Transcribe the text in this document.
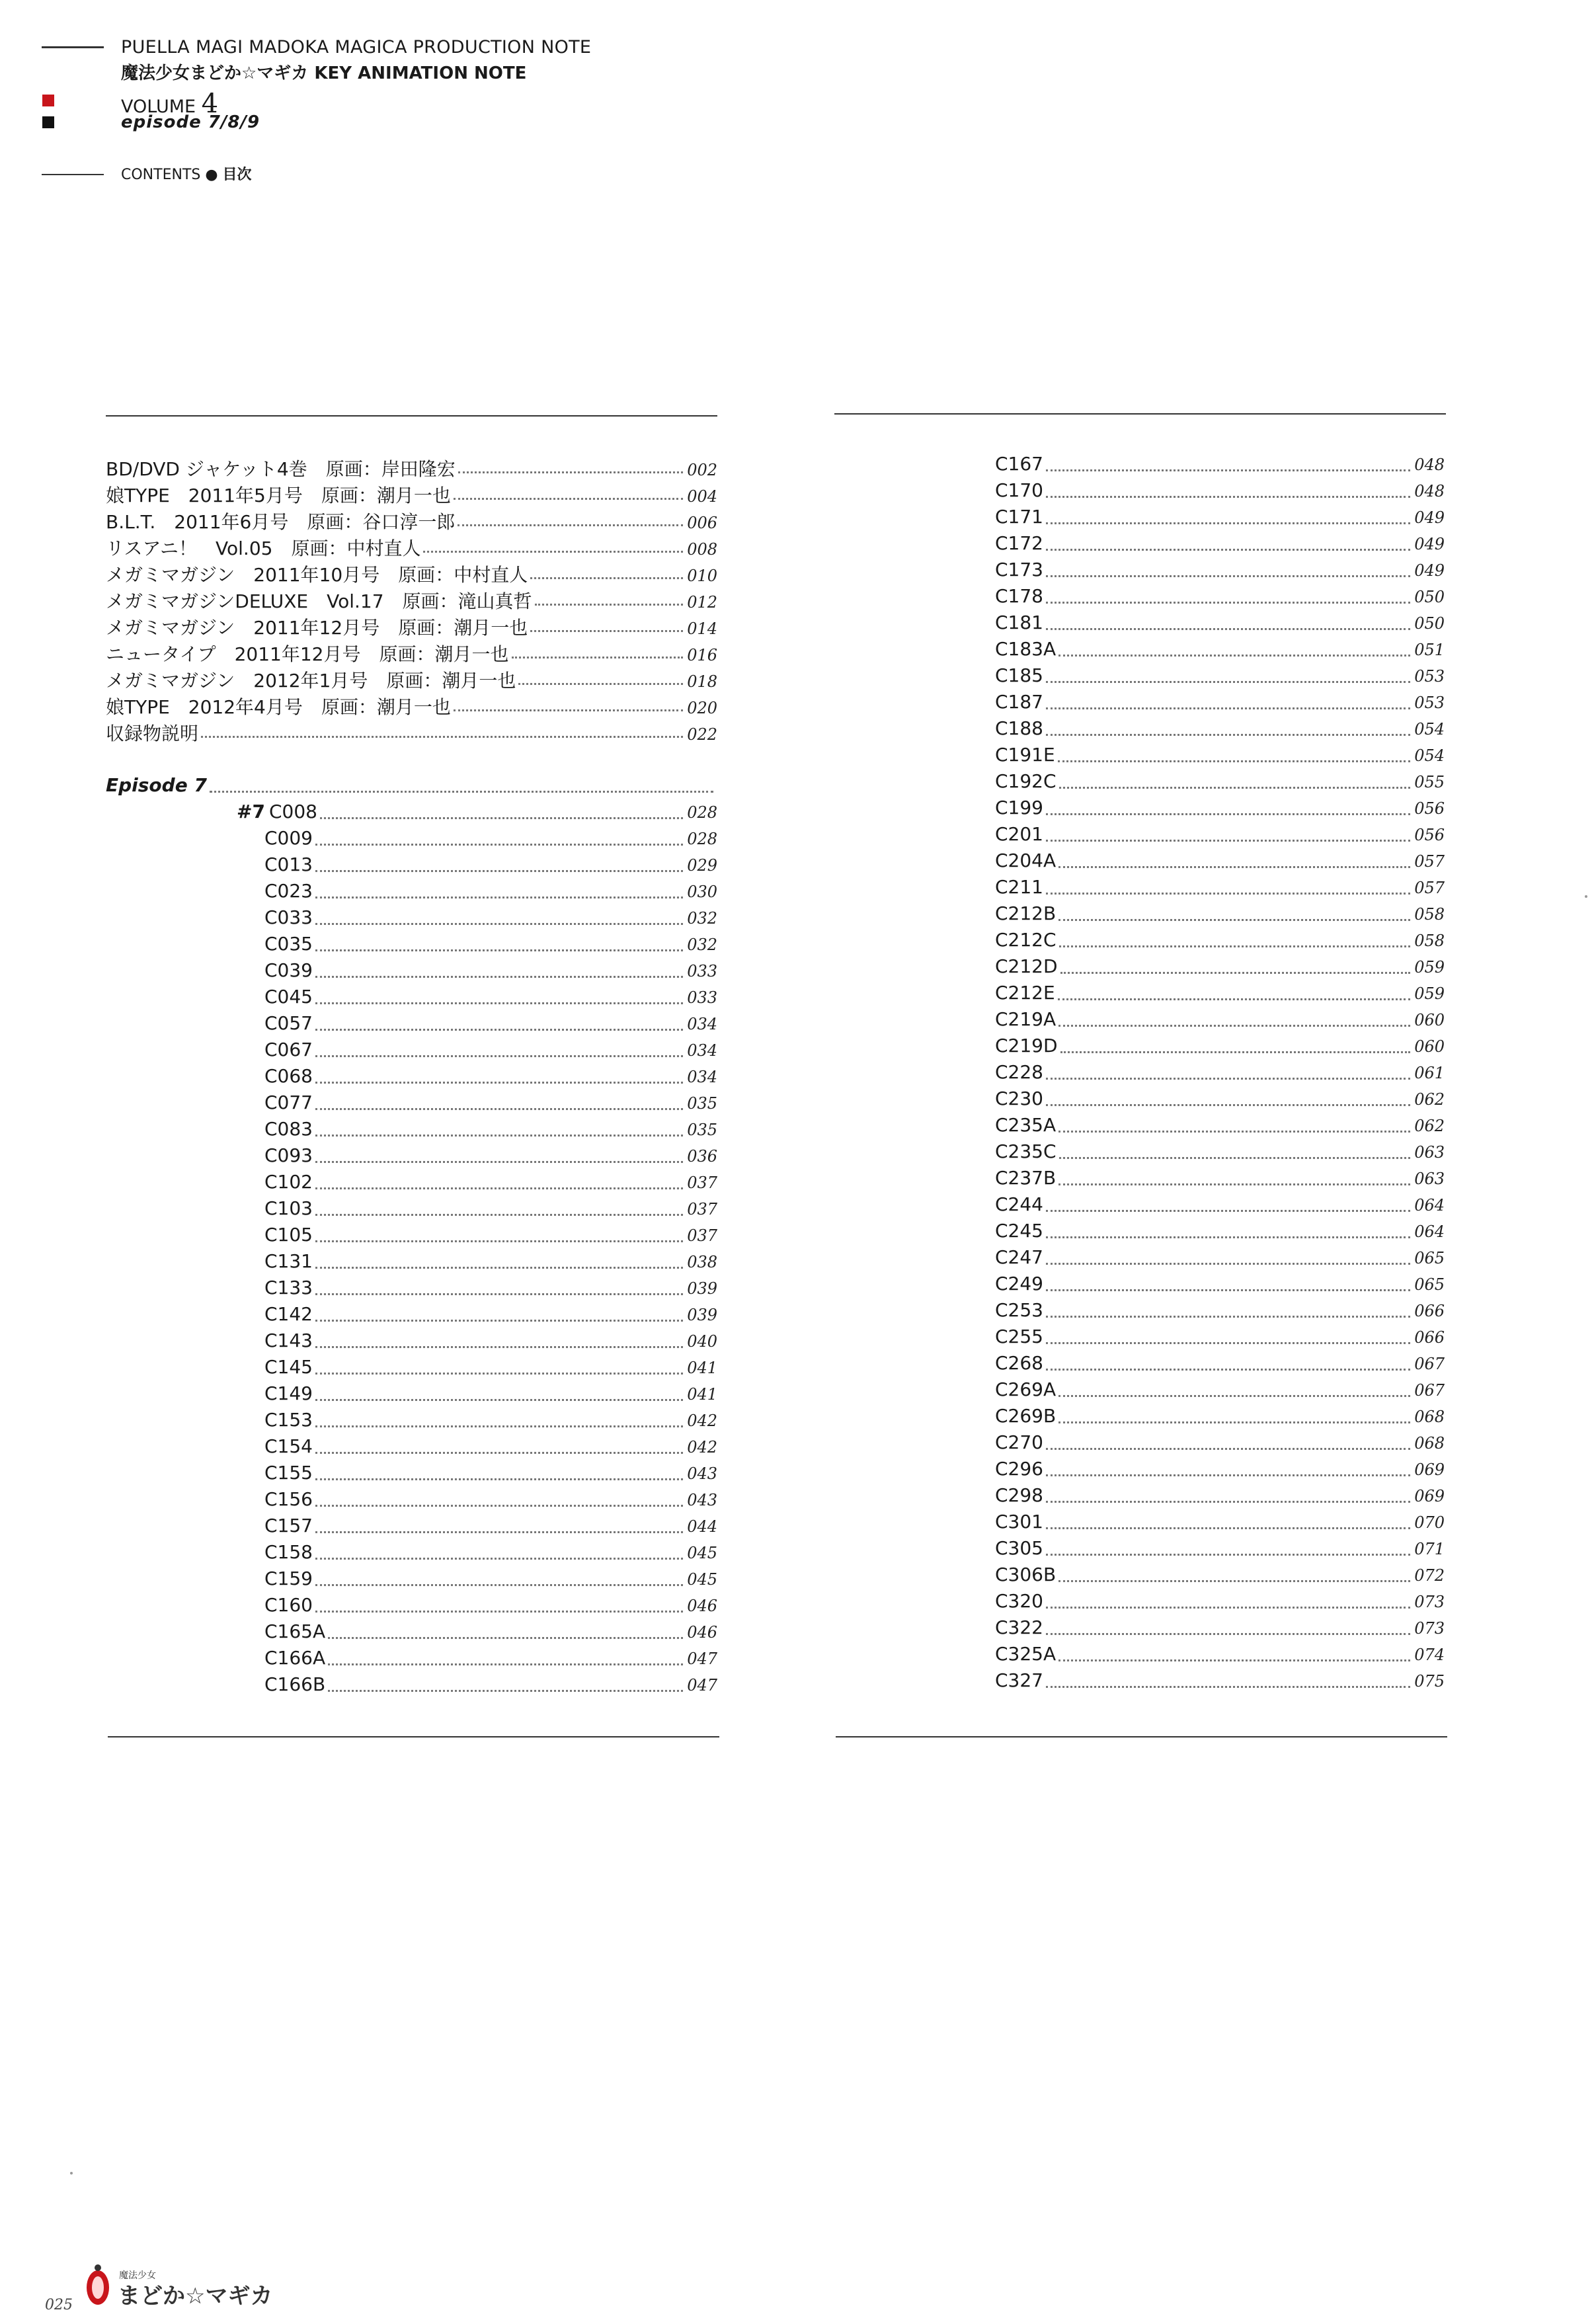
PUELLA MAGI MADOKA MAGICA PRODUCTION NOTE
魔法少女まどか☆マギカ KEY ANIMATION NOTE
VOLUME 4
episode 7/8/9
CONTENTS ● 目次
BD/DVD ジャケット4巻　原画：岸田隆宏	002
娘TYPE　2011年5月号　原画：潮月一也	004
B.L.T.　2011年6月号　原画：谷口淳一郎	006
リスアニ！　Vol.05　原画：中村直人	008
メガミマガジン　2011年10月号　原画：中村直人	010
メガミマガジンDELUXE　Vol.17　原画：滝山真哲	012
メガミマガジン　2011年12月号　原画：潮月一也	014
ニュータイプ　2011年12月号　原画：潮月一也	016
メガミマガジン　2012年1月号　原画：潮月一也	018
娘TYPE　2012年4月号　原画：潮月一也	020
収録物説明	022
Episode 7
#7 C008	028
C009	028
C013	029
C023	030
C033	032
C035	032
C039	033
C045	033
C057	034
C067	034
C068	034
C077	035
C083	035
C093	036
C102	037
C103	037
C105	037
C131	038
C133	039
C142	039
C143	040
C145	041
C149	041
C153	042
C154	042
C155	043
C156	043
C157	044
C158	045
C159	045
C160	046
C165A	046
C166A	047
C166B	047
C167	048
C170	048
C171	049
C172	049
C173	049
C178	050
C181	050
C183A	051
C185	053
C187	053
C188	054
C191E	054
C192C	055
C199	056
C201	056
C204A	057
C211	057
C212B	058
C212C	058
C212D	059
C212E	059
C219A	060
C219D	060
C228	061
C230	062
C235A	062
C235C	063
C237B	063
C244	064
C245	064
C247	065
C249	065
C253	066
C255	066
C268	067
C269A	067
C269B	068
C270	068
C296	069
C298	069
C301	070
C305	071
C306B	072
C320	073
C322	073
C325A	074
C327	075
025
魔法少女
まどか☆マギカ
